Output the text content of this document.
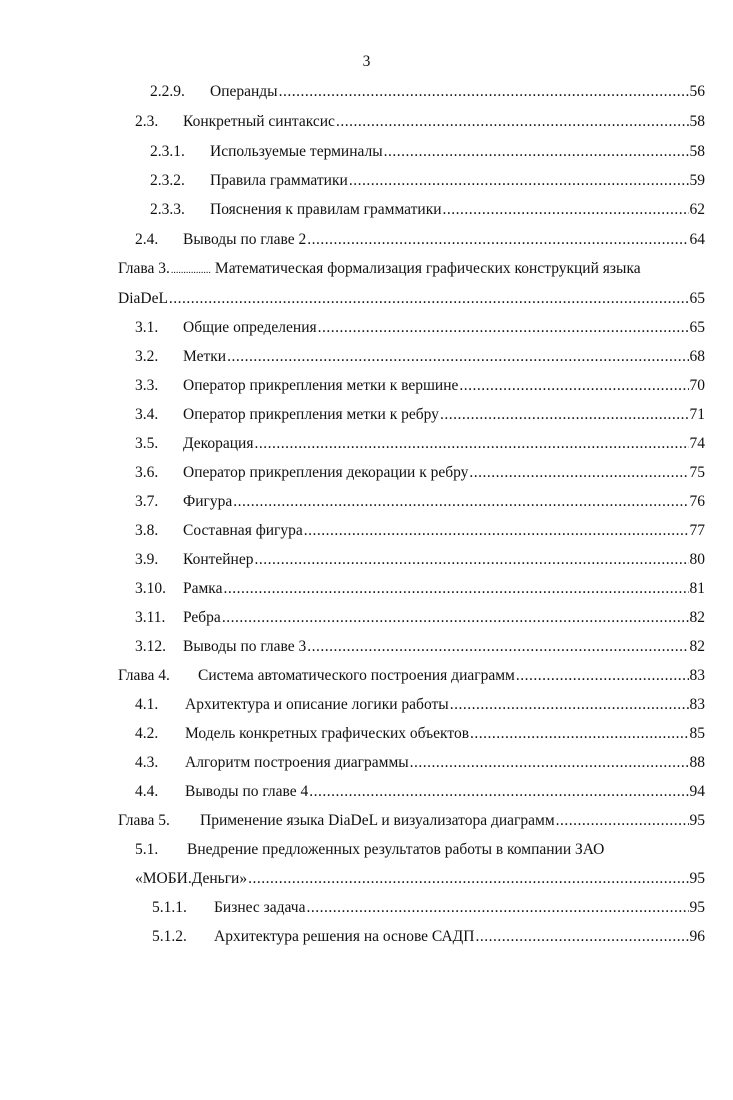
3
2.2.9.	Операнды .....	56
2.3.	Конкретный синтаксис .....	58
2.3.1.	Используемые терминалы .....	58
2.3.2.	Правила грамматики .....	59
2.3.3.	Пояснения к правилам грамматики .....	62
2.4.	Выводы по главе 2 .....	64
Глава 3................. Математическая формализация графических конструкций языка
DiaDeL .....	65
3.1.	Общие определения .....	65
3.2.	Метки .....	68
3.3.	Оператор прикрепления метки к вершине .....	70
3.4.	Оператор прикрепления метки к ребру .....	71
3.5.	Декорация .....	74
3.6.	Оператор прикрепления декорации к ребру .....	75
3.7.	Фигура .....	76
3.8.	Составная фигура .....	77
3.9.	Контейнер .....	80
3.10.	Рамка .....	81
3.11.	Ребра .....	82
3.12.	Выводы по главе 3 .....	82
Глава 4.	Система автоматического построения диаграмм .....	83
4.1.	Архитектура и описание логики работы .....	83
4.2.	Модель конкретных графических объектов .....	85
4.3.	Алгоритм построения диаграммы .....	88
4.4.	Выводы по главе 4 .....	94
Глава 5.	Применение языка DiaDeL и визуализатора диаграмм .....	95
5.1. Внедрение предложенных результатов работы в компании ЗАО
«МОБИ.Деньги» .....	95
5.1.1.	Бизнес задача .....	95
5.1.2.	Архитектура решения на основе САДП .....	96
